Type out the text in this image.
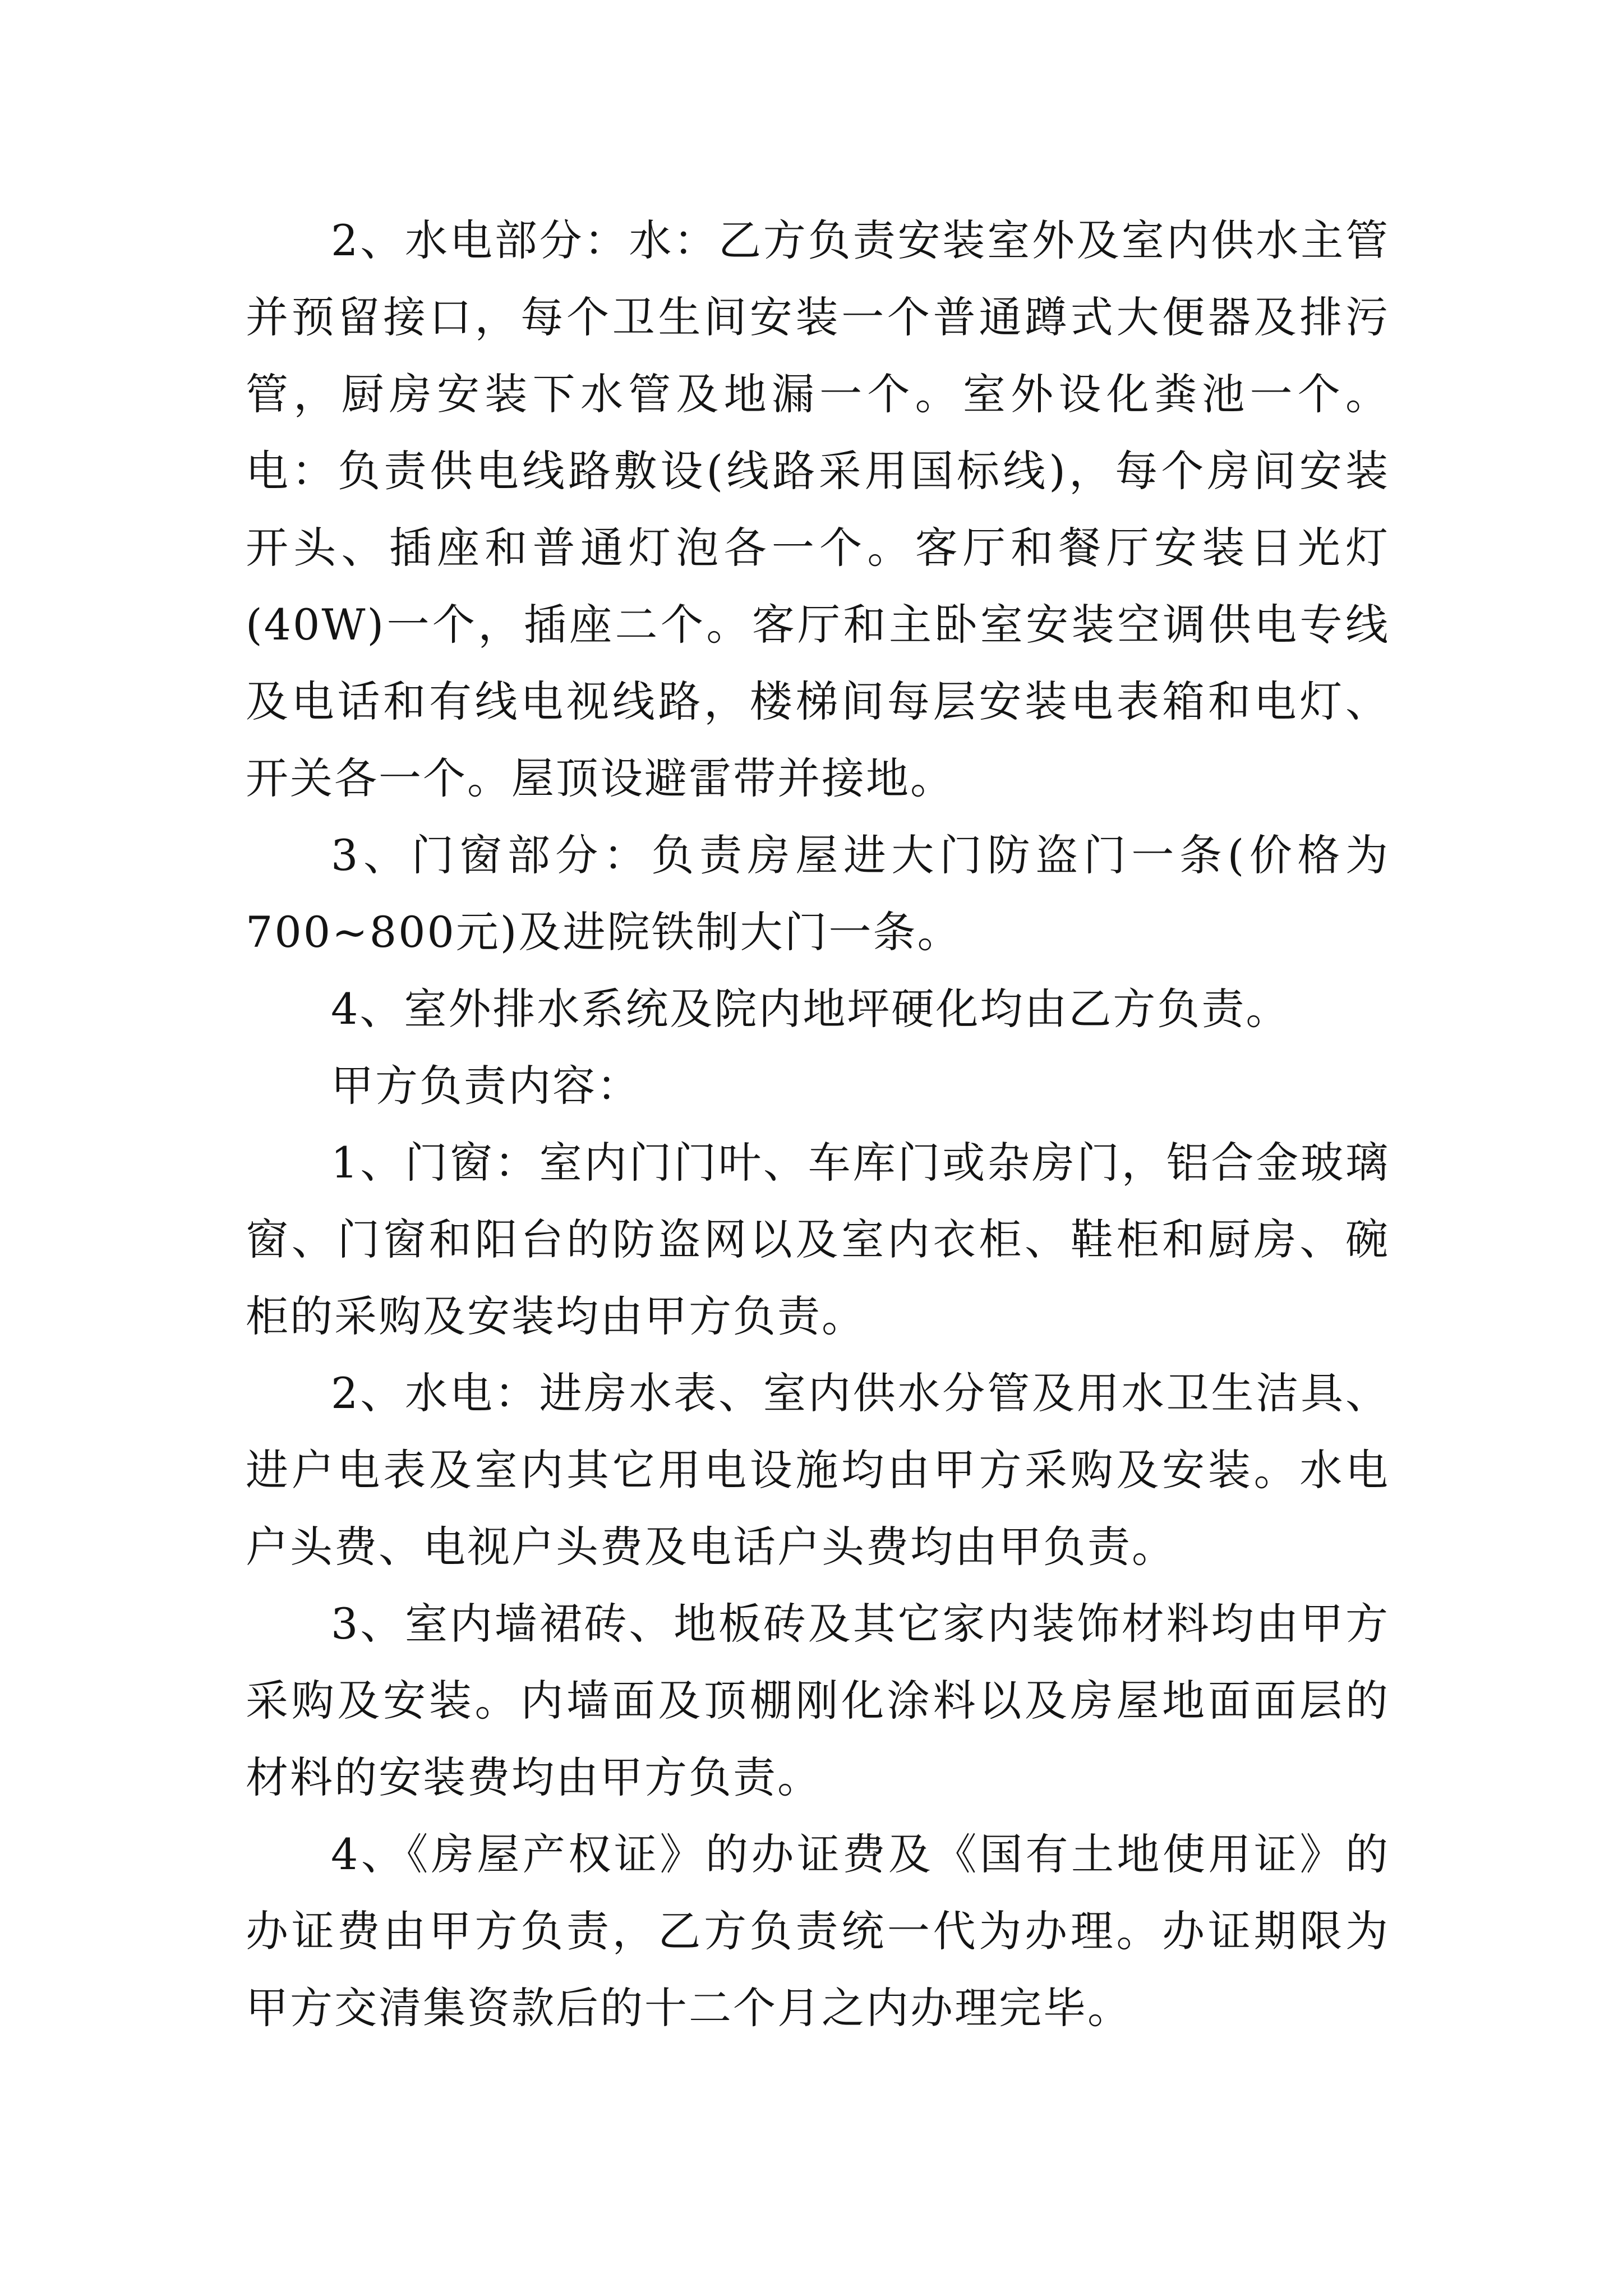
2、水电部分：水：乙方负责安装室外及室内供水主管并预留接口，每个卫生间安装一个普通蹲式大便器及排污管，厨房安装下水管及地漏一个。室外设化粪池一个。电：负责供电线路敷设(线路采用国标线)，每个房间安装开头、插座和普通灯泡各一个。客厅和餐厅安装日光灯(40W)一个，插座二个。客厅和主卧室安装空调供电专线及电话和有线电视线路，楼梯间每层安装电表箱和电灯、开关各一个。屋顶设避雷带并接地。

3、门窗部分：负责房屋进大门防盗门一条(价格为700~800元)及进院铁制大门一条。

4、室外排水系统及院内地坪硬化均由乙方负责。

甲方负责内容：

1、门窗：室内门门叶、车库门或杂房门，铝合金玻璃窗、门窗和阳台的防盗网以及室内衣柜、鞋柜和厨房、碗柜的采购及安装均由甲方负责。

2、水电：进房水表、室内供水分管及用水卫生洁具、进户电表及室内其它用电设施均由甲方采购及安装。水电户头费、电视户头费及电话户头费均由甲负责。

3、室内墙裙砖、地板砖及其它家内装饰材料均由甲方采购及安装。内墙面及顶棚刚化涂料以及房屋地面面层的材料的安装费均由甲方负责。

4、《房屋产权证》的办证费及《国有土地使用证》的办证费由甲方负责，乙方负责统一代为办理。办证期限为甲方交清集资款后的十二个月之内办理完毕。
